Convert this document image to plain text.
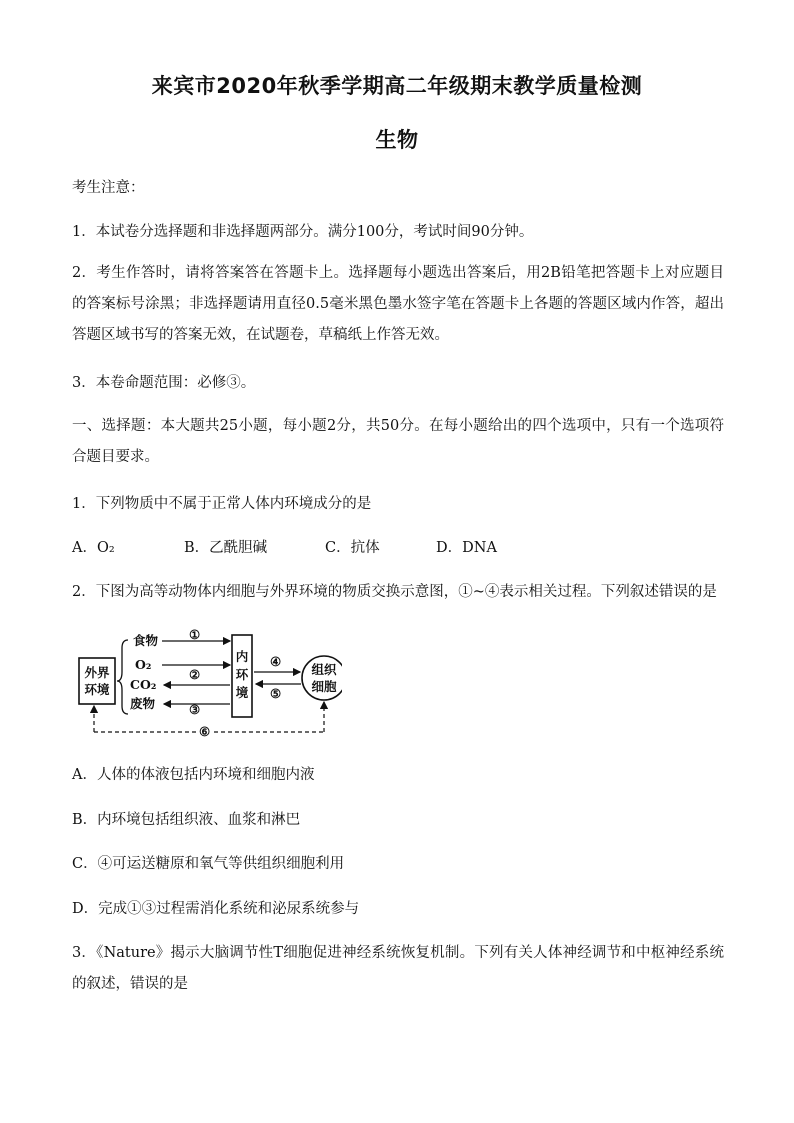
来宾市2020年秋季学期高二年级期末教学质量检测
生物
考生注意：
1．本试卷分选择题和非选择题两部分。满分100分，考试时间90分钟。
2．考生作答时，请将答案答在答题卡上。选择题每小题选出答案后，用2B铅笔把答题卡上对应题目的答案标号涂黑；非选择题请用直径0.5毫米黑色墨水签字笔在答题卡上各题的答题区域内作答，超出答题区域书写的答案无效，在试题卷，草稿纸上作答无效。
3．本卷命题范围：必修③。
一、选择题：本大题共25小题，每小题2分，共50分。在每小题给出的四个选项中，只有一个选项符合题目要求。
1．下列物质中不属于正常人体内环境成分的是
A．O₂	B．乙酰胆碱	C．抗体	D．DNA
2．下图为高等动物体内细胞与外界环境的物质交换示意图，①~④表示相关过程。下列叙述错误的是
外界
环境
食物
O₂
CO₂
废物
内
环
境
①
②
③
组织
细胞
④
⑤
⑥
A．人体的体液包括内环境和细胞内液
B．内环境包括组织液、血浆和淋巴
C．④可运送糖原和氧气等供组织细胞利用
D．完成①③过程需消化系统和泌尿系统参与
3．《Nature》揭示大脑调节性T细胞促进神经系统恢复机制。下列有关人体神经调节和中枢神经系统的叙述，错误的是
